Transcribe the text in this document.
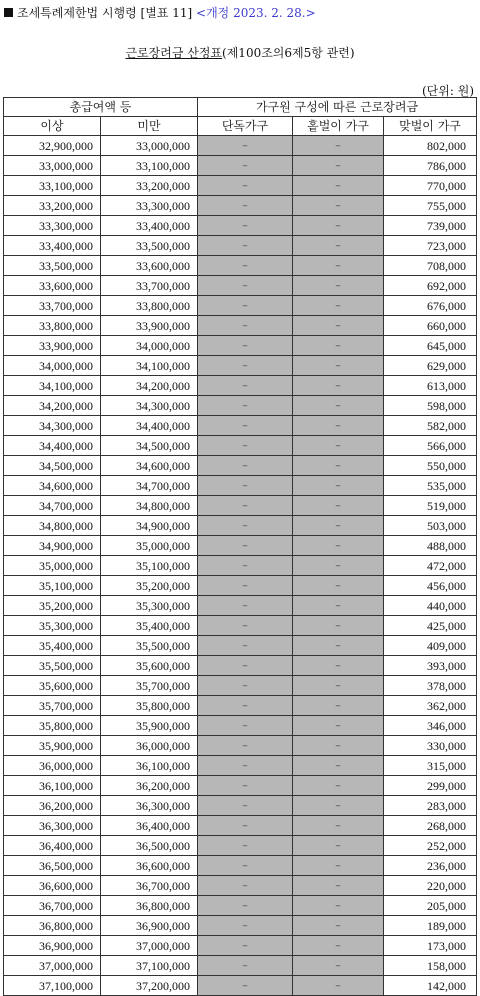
조세특례제한법 시행령 [별표 11] <개정 2023. 2. 28.>
근로장려금 산정표(제100조의6제5항 관련)
(단위: 원)
총급여액 등		가구원 구성에 따른 근로장려금		
이상	미만	단독가구	홑벌이 가구	맞벌이 가구
32,900,000	33,000,000	–	–	802,000
33,000,000	33,100,000	–	–	786,000
33,100,000	33,200,000	–	–	770,000
33,200,000	33,300,000	–	–	755,000
33,300,000	33,400,000	–	–	739,000
33,400,000	33,500,000	–	–	723,000
33,500,000	33,600,000	–	–	708,000
33,600,000	33,700,000	–	–	692,000
33,700,000	33,800,000	–	–	676,000
33,800,000	33,900,000	–	–	660,000
33,900,000	34,000,000	–	–	645,000
34,000,000	34,100,000	–	–	629,000
34,100,000	34,200,000	–	–	613,000
34,200,000	34,300,000	–	–	598,000
34,300,000	34,400,000	–	–	582,000
34,400,000	34,500,000	–	–	566,000
34,500,000	34,600,000	–	–	550,000
34,600,000	34,700,000	–	–	535,000
34,700,000	34,800,000	–	–	519,000
34,800,000	34,900,000	–	–	503,000
34,900,000	35,000,000	–	–	488,000
35,000,000	35,100,000	–	–	472,000
35,100,000	35,200,000	–	–	456,000
35,200,000	35,300,000	–	–	440,000
35,300,000	35,400,000	–	–	425,000
35,400,000	35,500,000	–	–	409,000
35,500,000	35,600,000	–	–	393,000
35,600,000	35,700,000	–	–	378,000
35,700,000	35,800,000	–	–	362,000
35,800,000	35,900,000	–	–	346,000
35,900,000	36,000,000	–	–	330,000
36,000,000	36,100,000	–	–	315,000
36,100,000	36,200,000	–	–	299,000
36,200,000	36,300,000	–	–	283,000
36,300,000	36,400,000	–	–	268,000
36,400,000	36,500,000	–	–	252,000
36,500,000	36,600,000	–	–	236,000
36,600,000	36,700,000	–	–	220,000
36,700,000	36,800,000	–	–	205,000
36,800,000	36,900,000	–	–	189,000
36,900,000	37,000,000	–	–	173,000
37,000,000	37,100,000	–	–	158,000
37,100,000	37,200,000	–	–	142,000
